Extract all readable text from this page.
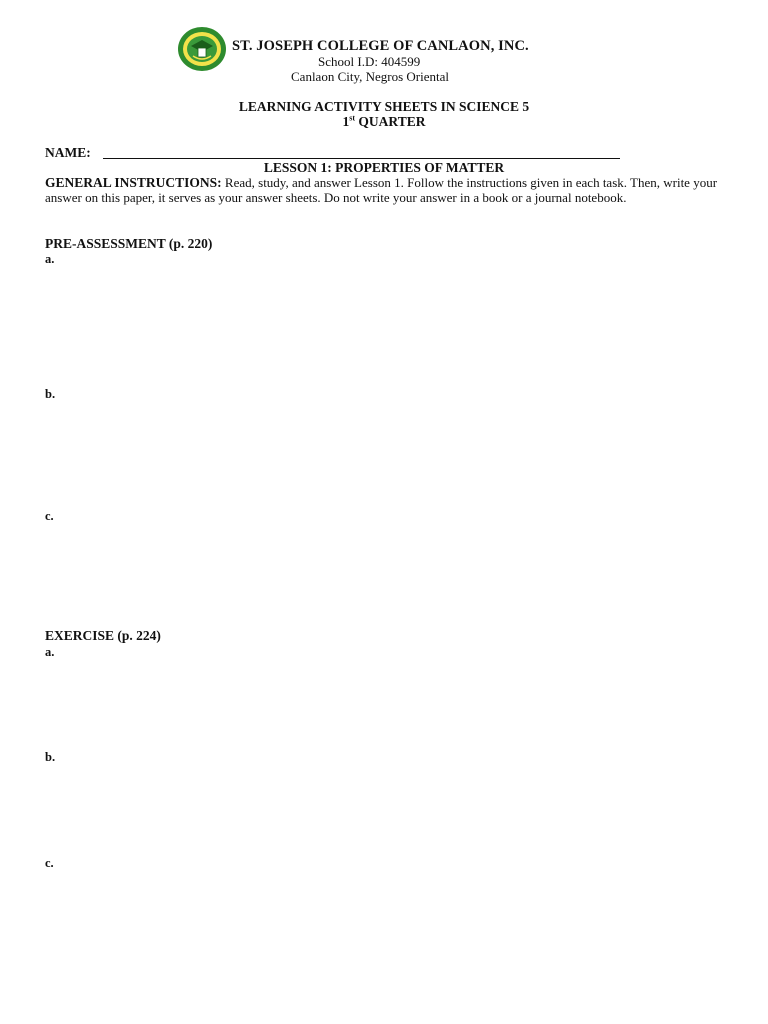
ST. JOSEPH COLLEGE OF CANLAON, INC.
School I.D: 404599
Canlaon City, Negros Oriental
LEARNING ACTIVITY SHEETS IN SCIENCE 5
1st QUARTER
NAME:
LESSON 1: PROPERTIES OF MATTER
GENERAL INSTRUCTIONS: Read, study, and answer Lesson 1. Follow the instructions given in each task. Then, write your answer on this paper, it serves as your answer sheets. Do not write your answer in a book or a journal notebook.
PRE-ASSESSMENT (p. 220)
a.
b.
c.
EXERCISE (p. 224)
a.
b.
c.
